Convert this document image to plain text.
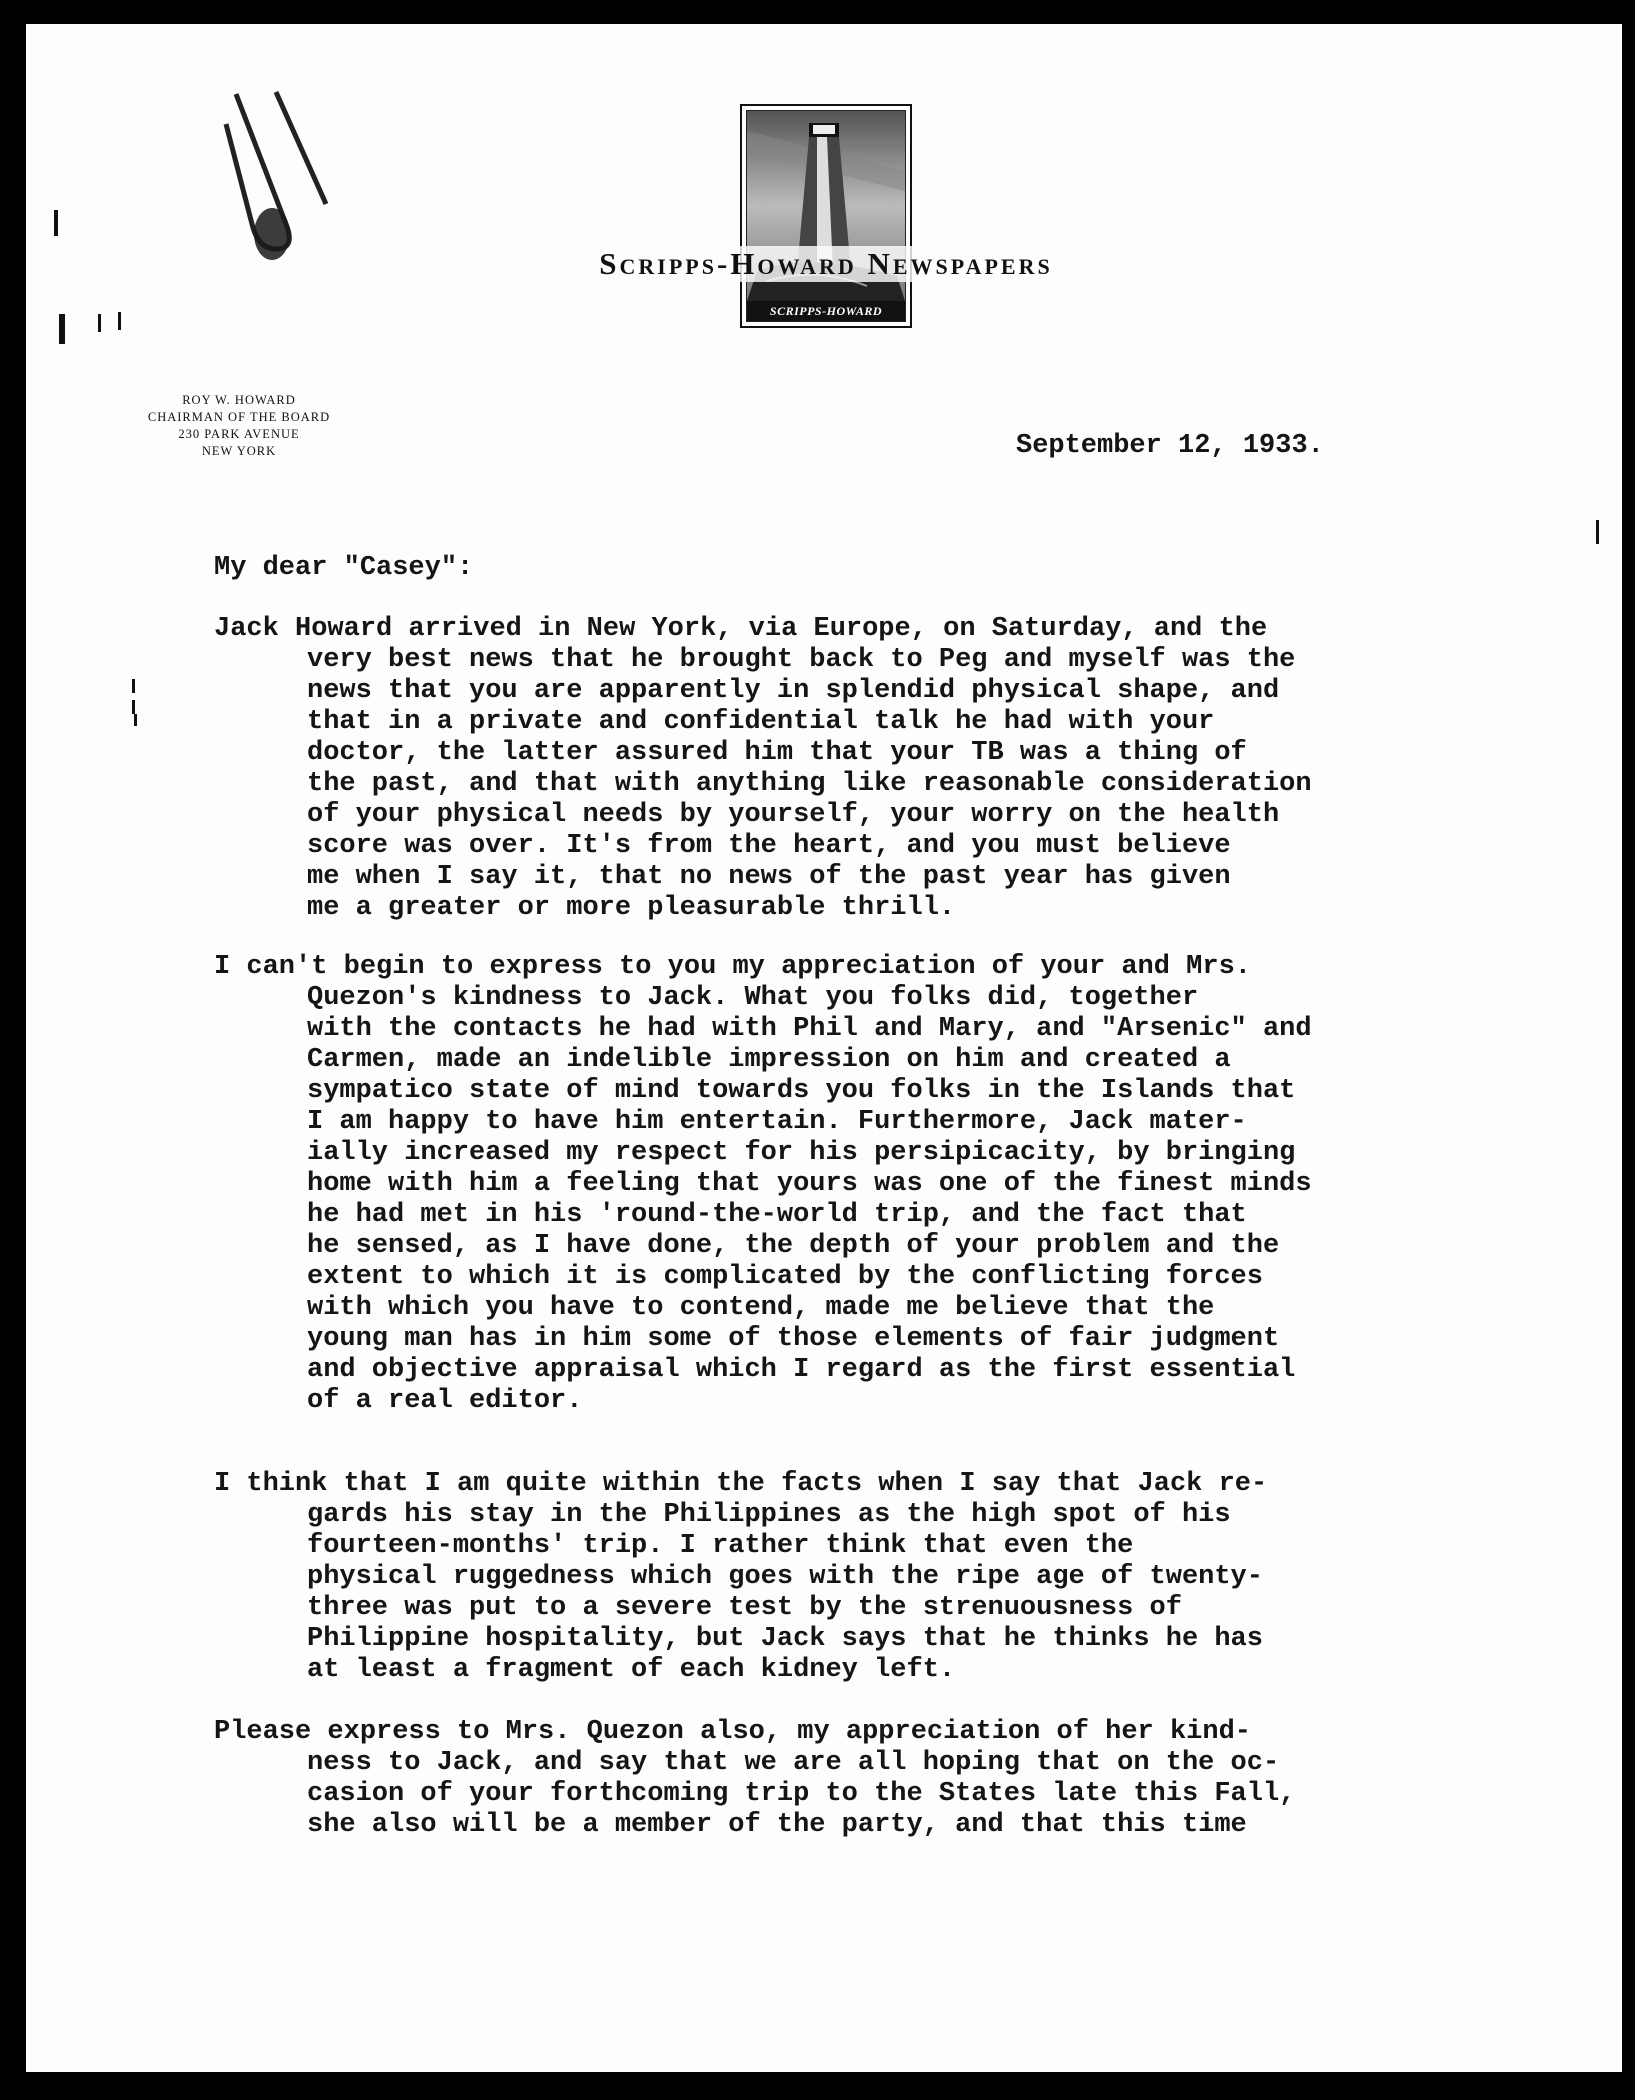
SCRIPPS-HOWARD
Scripps-Howard Newspapers
ROY W. HOWARD
CHAIRMAN OF THE BOARD
230 PARK AVENUE
NEW YORK	September 12, 1933.
My dear "Casey":
Jack Howard arrived in New York, via Europe, on Saturday, and the
very best news that he brought back to Peg and myself was the
news that you are apparently in splendid physical shape, and
that in a private and confidential talk he had with your
doctor, the latter assured him that your TB was a thing of
the past, and that with anything like reasonable consideration
of your physical needs by yourself, your worry on the health
score was over. It's from the heart, and you must believe
me when I say it, that no news of the past year has given
me a greater or more pleasurable thrill.
I can't begin to express to you my appreciation of your and Mrs.
Quezon's kindness to Jack. What you folks did, together
with the contacts he had with Phil and Mary, and "Arsenic" and
Carmen, made an indelible impression on him and created a
sympatico state of mind towards you folks in the Islands that
I am happy to have him entertain. Furthermore, Jack mater-
ially increased my respect for his persipicacity, by bringing
home with him a feeling that yours was one of the finest minds
he had met in his 'round-the-world trip, and the fact that
he sensed, as I have done, the depth of your problem and the
extent to which it is complicated by the conflicting forces
with which you have to contend, made me believe that the
young man has in him some of those elements of fair judgment
and objective appraisal which I regard as the first essential
of a real editor.
I think that I am quite within the facts when I say that Jack re-
gards his stay in the Philippines as the high spot of his
fourteen-months' trip. I rather think that even the
physical ruggedness which goes with the ripe age of twenty-
three was put to a severe test by the strenuousness of
Philippine hospitality, but Jack says that he thinks he has
at least a fragment of each kidney left.
Please express to Mrs. Quezon also, my appreciation of her kind-
ness to Jack, and say that we are all hoping that on the oc-
casion of your forthcoming trip to the States late this Fall,
she also will be a member of the party, and that this time
